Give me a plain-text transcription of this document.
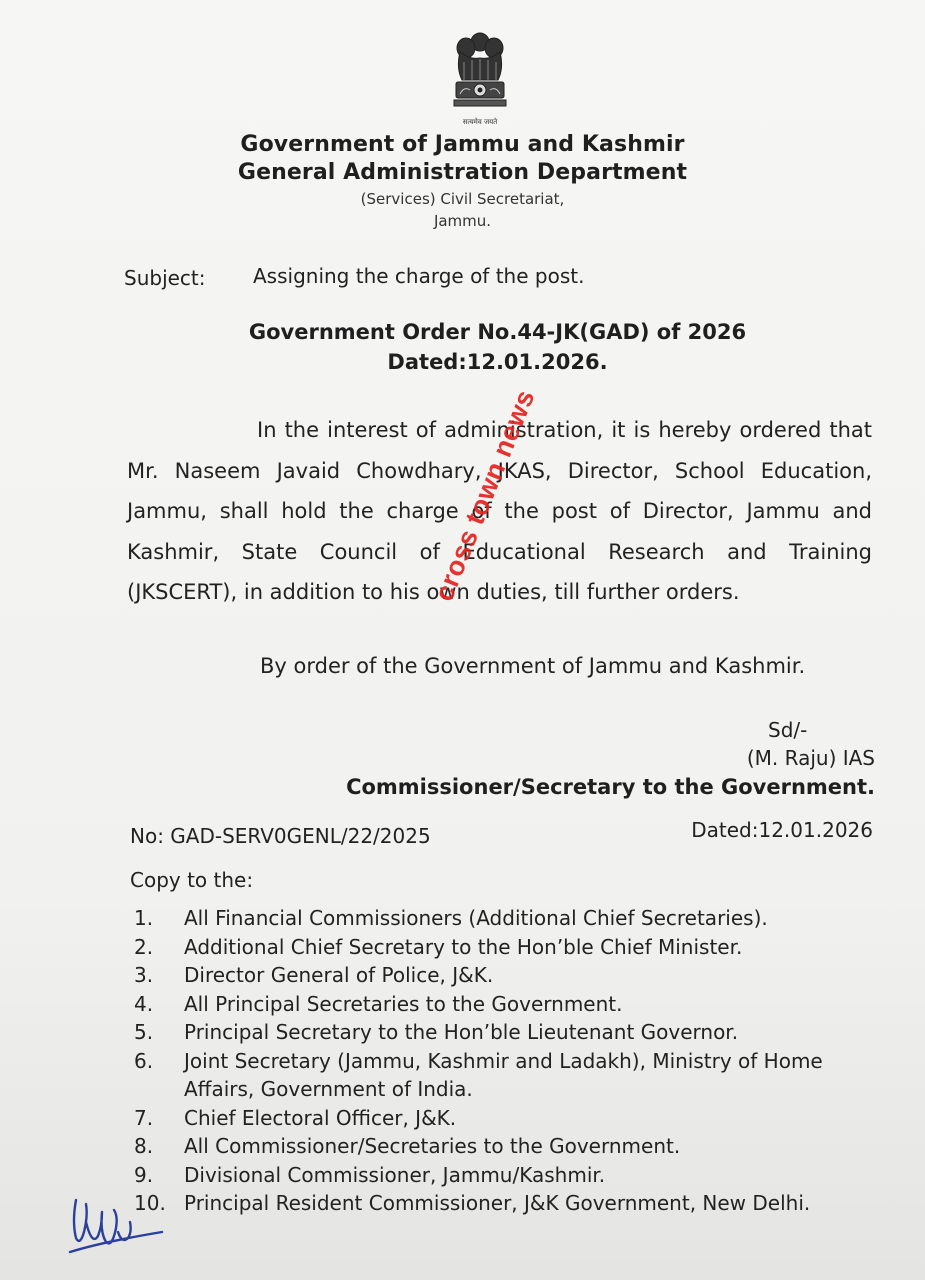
सत्यमेव जयते
Government of Jammu and Kashmir
General Administration Department
(Services) Civil Secretariat,
Jammu.
Subject: Assigning the charge of the post.
Government Order No.44-JK(GAD) of 2026
Dated:12.01.2026.
In the interest of administration, it is hereby ordered that Mr. Naseem Javaid Chowdhary, JKAS, Director, School Education, Jammu, shall hold the charge of the post of Director, Jammu and Kashmir, State Council of Educational Research and Training (JKSCERT), in addition to his own duties, till further orders.
By order of the Government of Jammu and Kashmir.
Sd/-
(M. Raju) IAS
Commissioner/Secretary to the Government.
No: GAD-SERV0GENL/22/2025	Dated:12.01.2026
Copy to the:
1.	All Financial Commissioners (Additional Chief Secretaries).
2.	Additional Chief Secretary to the Hon’ble Chief Minister.
3.	Director General of Police, J&K.
4.	All Principal Secretaries to the Government.
5.	Principal Secretary to the Hon’ble Lieutenant Governor.
6.	Joint Secretary (Jammu, Kashmir and Ladakh), Ministry of Home Affairs, Government of India.
7.	Chief Electoral Officer, J&K.
8.	All Commissioner/Secretaries to the Government.
9.	Divisional Commissioner, Jammu/Kashmir.
10. Principal Resident Commissioner, J&K Government, New Delhi.
cross town news
